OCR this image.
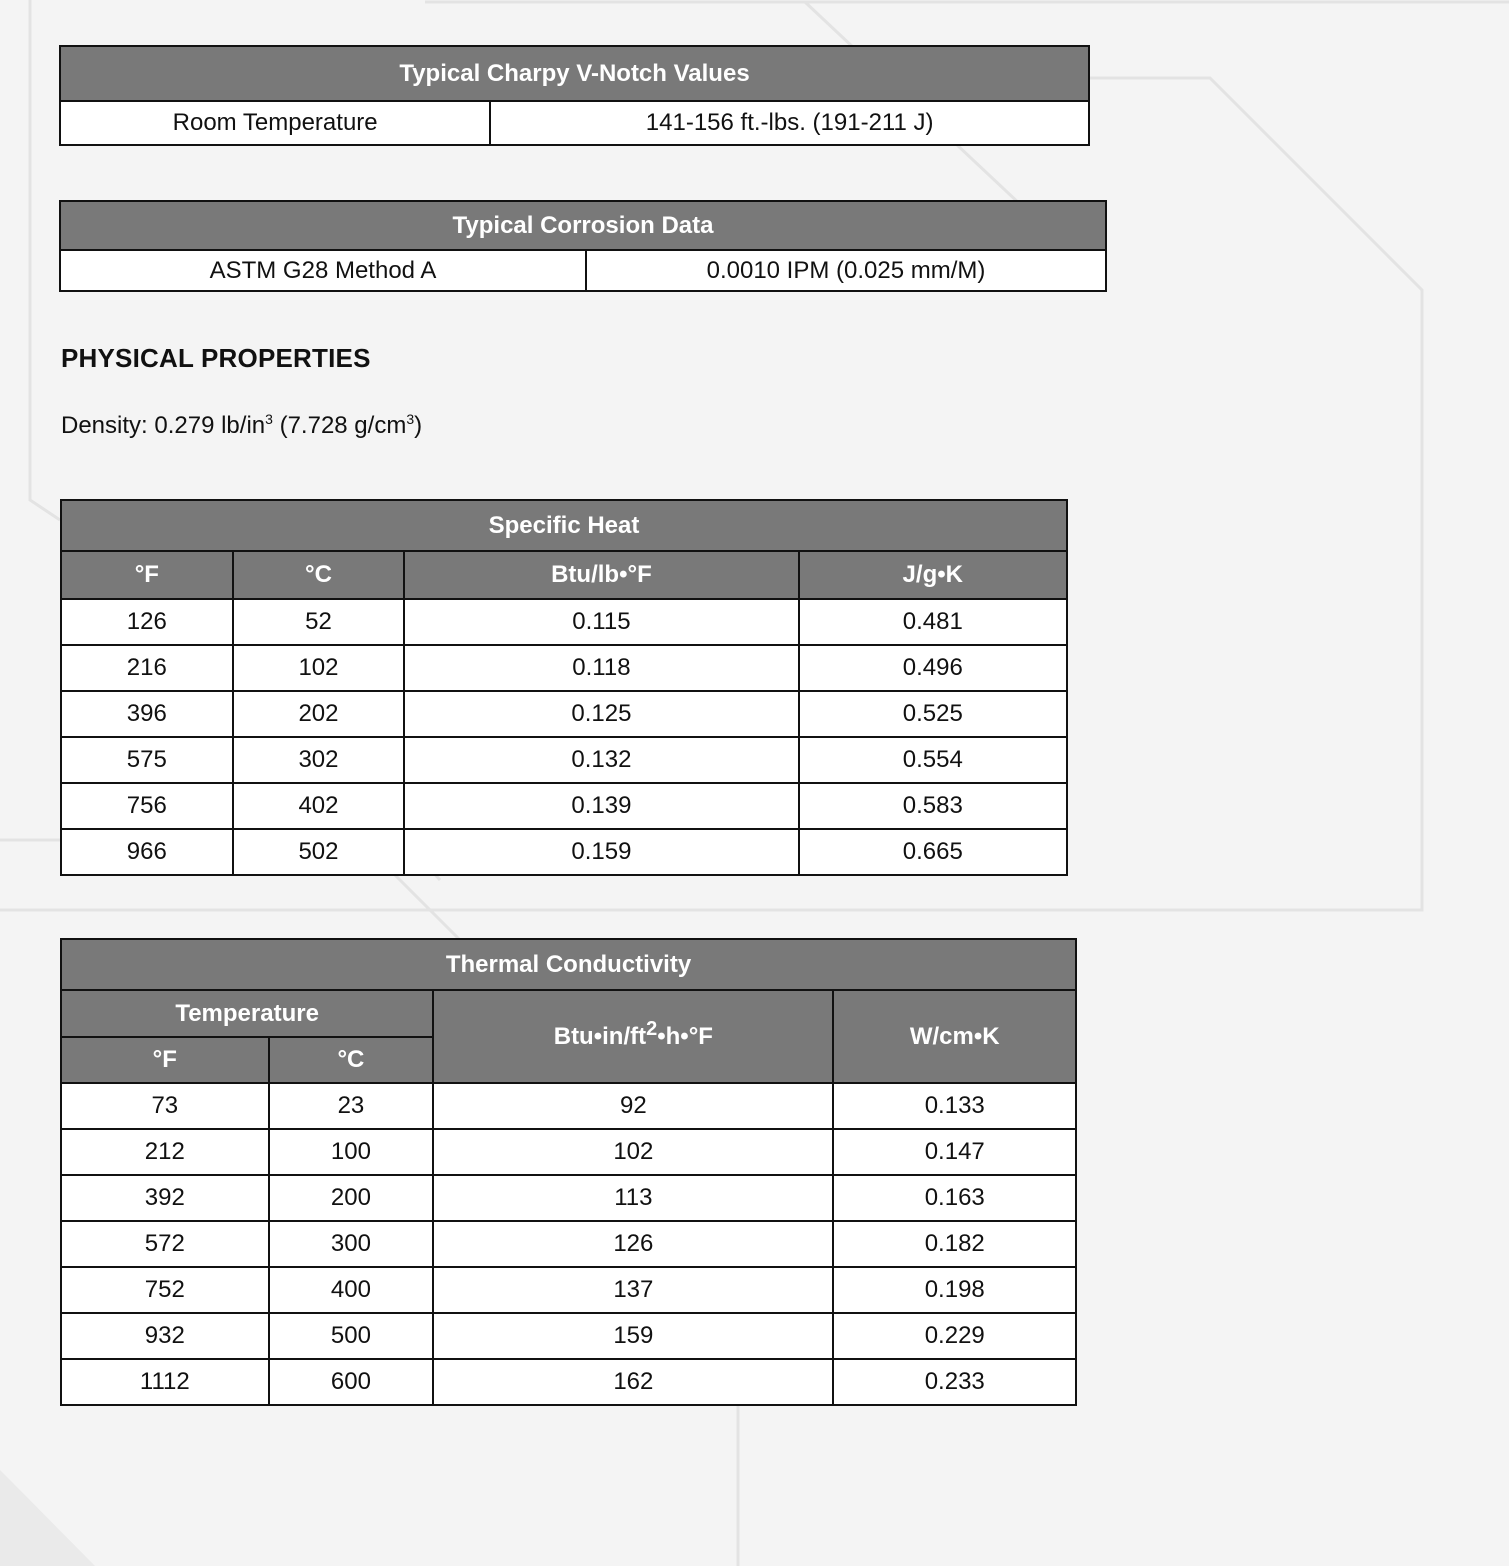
Typical Charpy V-Notch Values
Room Temperature	141-156 ft.-lbs. (191-211 J)
Typical Corrosion Data
ASTM G28 Method A	0.0010 IPM (0.025 mm/M)
PHYSICAL PROPERTIES

Density: 0.279 $lb/in^3$ (7.728 $g/cm^3$)

Specific Heat			
°F	°C	Btu/lb•°F	J/g•K
126	52	0.115	0.481
216	102	0.118	0.496
396	202	0.125	0.525
575	302	0.132	0.554
756	402	0.139	0.583
966	502	0.159	0.665
Thermal Conductivity			
Temperature		$Btu•in/ft^2•h•^\circ F$	W/cm•K
°F	°C		
73	23	92	0.133
212	100	102	0.147
392	200	113	0.163
572	300	126	0.182
752	400	137	0.198
932	500	159	0.229
1112	600	162	0.233
